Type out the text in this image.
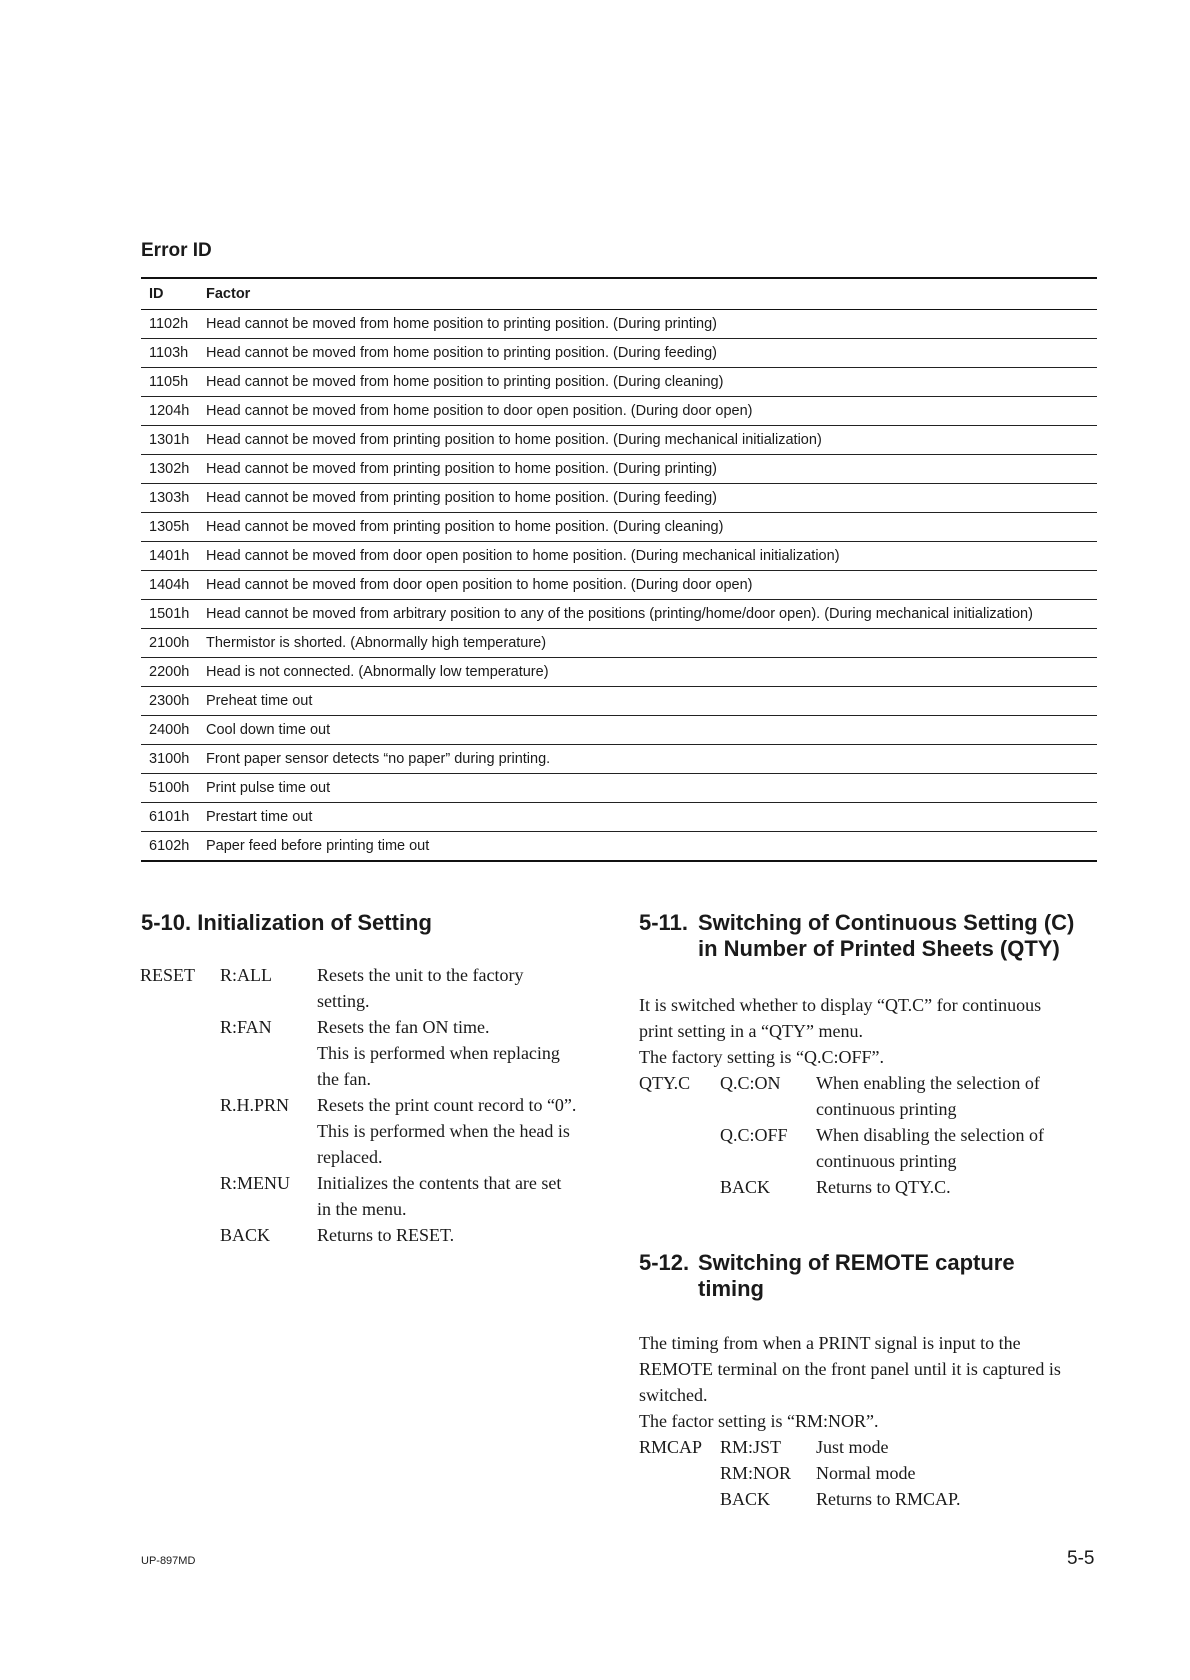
Error ID
ID	Factor
1102h	Head cannot be moved from home position to printing position. (During printing)
1103h	Head cannot be moved from home position to printing position. (During feeding)
1105h	Head cannot be moved from home position to printing position. (During cleaning)
1204h	Head cannot be moved from home position to door open position. (During door open)
1301h	Head cannot be moved from printing position to home position. (During mechanical initialization)
1302h	Head cannot be moved from printing position to home position. (During printing)
1303h	Head cannot be moved from printing position to home position. (During feeding)
1305h	Head cannot be moved from printing position to home position. (During cleaning)
1401h	Head cannot be moved from door open position to home position. (During mechanical initialization)
1404h	Head cannot be moved from door open position to home position. (During door open)
1501h	Head cannot be moved from arbitrary position to any of the positions (printing/home/door open). (During mechanical initialization)
2100h	Thermistor is shorted. (Abnormally high temperature)
2200h	Head is not connected. (Abnormally low temperature)
2300h	Preheat time out
2400h	Cool down time out
3100h	Front paper sensor detects “no paper” during printing.
5100h	Print pulse time out
6101h	Prestart time out
6102h	Paper feed before printing time out
5-10. Initialization of Setting
RESET	R:ALL	Resets the unit to the factory
setting.
R:FAN	Resets the fan ON time.
This is performed when replacing
the fan.
R.H.PRN	Resets the print count record to “0”.
This is performed when the head is
replaced.
R:MENU	Initializes the contents that are set
in the menu.
BACK	Returns to RESET.
5-11. Switching of Continuous Setting (C)
in Number of Printed Sheets (QTY)
It is switched whether to display “QT.C” for continuous
print setting in a “QTY” menu.
The factory setting is “Q.C:OFF”.
QTY.C	Q.C:ON	When enabling the selection of
continuous printing
Q.C:OFF	When disabling the selection of
continuous printing
BACK	Returns to QTY.C.
5-12. Switching of REMOTE capture
timing
The timing from when a PRINT signal is input to the
REMOTE terminal on the front panel until it is captured is
switched.
The factor setting is “RM:NOR”.
RMCAP RM:JST	Just mode
RM:NOR	Normal mode
BACK	Returns to RMCAP.
UP-897MD	5-5
